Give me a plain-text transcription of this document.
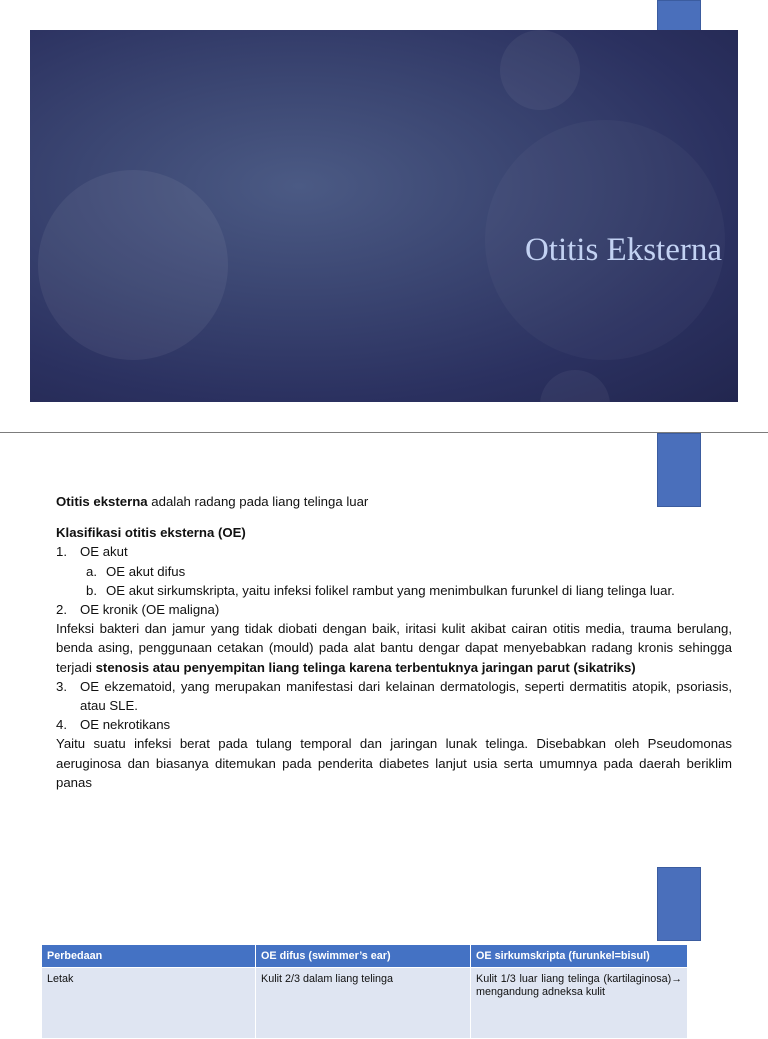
Otitis Eksterna

Otitis eksterna adalah radang pada liang telinga luar

Klasifikasi otitis eksterna (OE)

1. OE akut
a. OE akut difus
b. OE akut sirkumskripta, yaitu infeksi folikel rambut yang menimbulkan furunkel di liang telinga luar.
2. OE kronik (OE maligna)

Infeksi bakteri dan jamur yang tidak diobati dengan baik, iritasi kulit akibat cairan otitis media, trauma berulang, benda asing, penggunaan cetakan (mould) pada alat bantu dengar dapat menyebabkan radang kronis sehingga terjadi stenosis atau penyempitan liang telinga karena terbentuknya jaringan parut (sikatriks)

3. OE ekzematoid, yang merupakan manifestasi dari kelainan dermatologis, seperti dermatitis atopik, psoriasis, atau SLE.
4. OE nekrotikans

Yaitu suatu infeksi berat pada tulang temporal dan jaringan lunak telinga. Disebabkan oleh Pseudomonas aeruginosa dan biasanya ditemukan pada penderita diabetes lanjut usia serta umumnya pada daerah beriklim panas

Perbedaan	OE difus (swimmer’s ear)	OE sirkumskripta (furunkel=bisul)
Letak	Kulit 2/3 dalam liang telinga	Kulit 1/3 luar liang telinga (kartilaginosa)→ mengandung adneksa kulit
